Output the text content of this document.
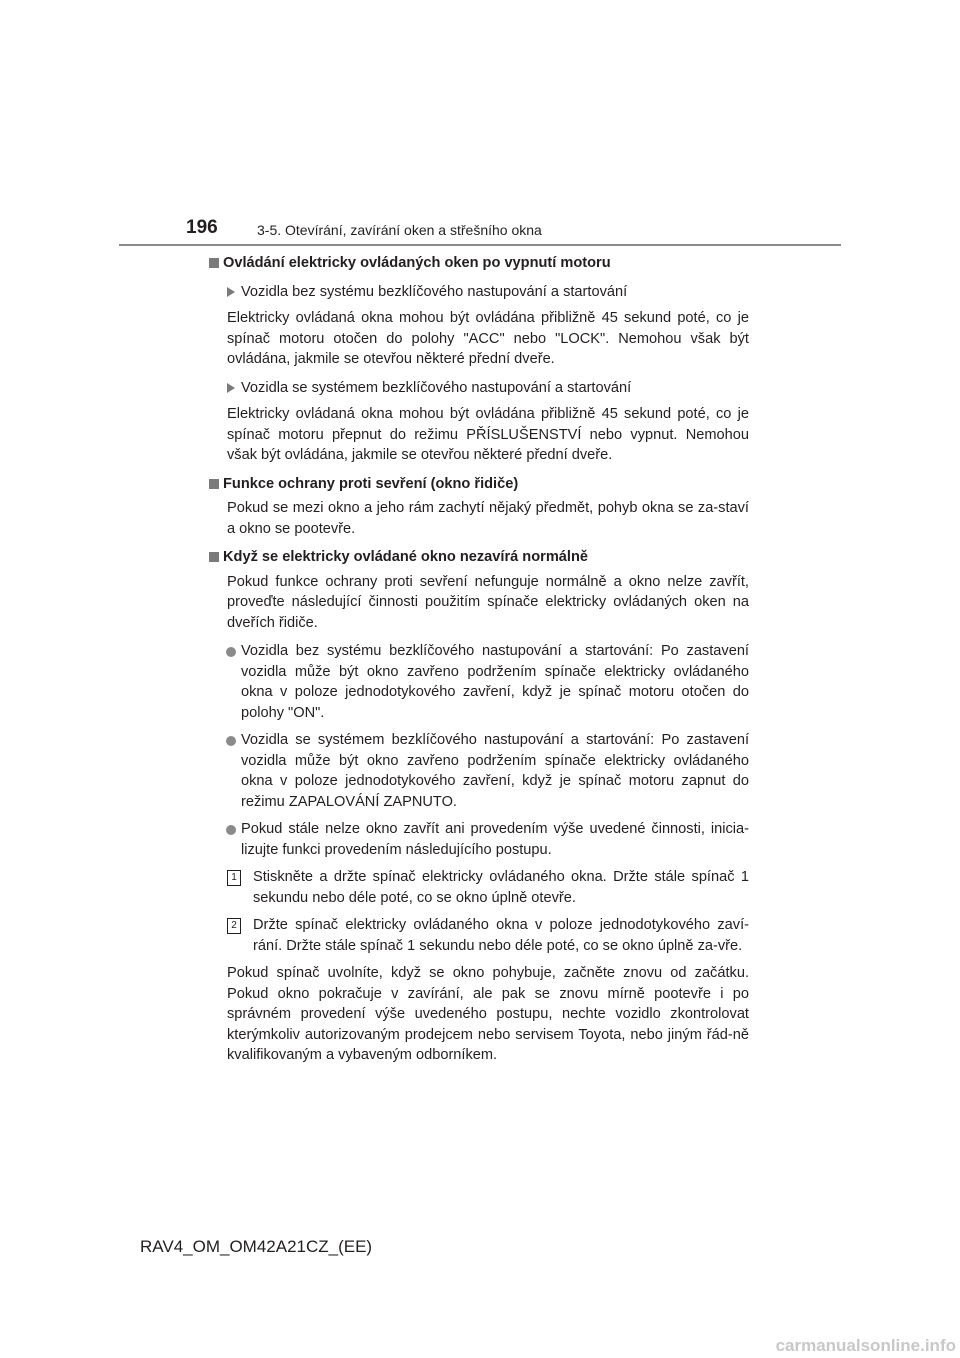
196	3-5. Otevírání, zavírání oken a střešního okna
Ovládání elektricky ovládaných oken po vypnutí motoru
Vozidla bez systému bezklíčového nastupování a startování
Elektricky ovládaná okna mohou být ovládána přibližně 45 sekund poté, co je spínač motoru otočen do polohy "ACC" nebo "LOCK". Nemohou však být ovládána, jakmile se otevřou některé přední dveře.
Vozidla se systémem bezklíčového nastupování a startování
Elektricky ovládaná okna mohou být ovládána přibližně 45 sekund poté, co je spínač motoru přepnut do režimu PŘÍSLUŠENSTVÍ nebo vypnut. Nemohou však být ovládána, jakmile se otevřou některé přední dveře.
Funkce ochrany proti sevření (okno řidiče)
Pokud se mezi okno a jeho rám zachytí nějaký předmět, pohyb okna se za-staví a okno se pootevře.
Když se elektricky ovládané okno nezavírá normálně
Pokud funkce ochrany proti sevření nefunguje normálně a okno nelze zavřít, proveďte následující činnosti použitím spínače elektricky ovládaných oken na dveřích řidiče.
Vozidla bez systému bezklíčového nastupování a startování: Po zastavení vozidla může být okno zavřeno podržením spínače elektricky ovládaného okna v poloze jednodotykového zavření, když je spínač motoru otočen do polohy "ON".
Vozidla se systémem bezklíčového nastupování a startování: Po zastavení vozidla může být okno zavřeno podržením spínače elektricky ovládaného okna v poloze jednodotykového zavření, když je spínač motoru zapnut do režimu ZAPALOVÁNÍ ZAPNUTO.
Pokud stále nelze okno zavřít ani provedením výše uvedené činnosti, inicia-lizujte funkci provedením následujícího postupu.
1 Stiskněte a držte spínač elektricky ovládaného okna. Držte stále spínač 1 sekundu nebo déle poté, co se okno úplně otevře.
2 Držte spínač elektricky ovládaného okna v poloze jednodotykového zaví-rání. Držte stále spínač 1 sekundu nebo déle poté, co se okno úplně za-vře.
Pokud spínač uvolníte, když se okno pohybuje, začněte znovu od začátku. Pokud okno pokračuje v zavírání, ale pak se znovu mírně pootevře i po správném provedení výše uvedeného postupu, nechte vozidlo zkontrolovat kterýmkoliv autorizovaným prodejcem nebo servisem Toyota, nebo jiným řád-ně kvalifikovaným a vybaveným odborníkem.
RAV4_OM_OM42A21CZ_(EE)
carmanualsonline.info
